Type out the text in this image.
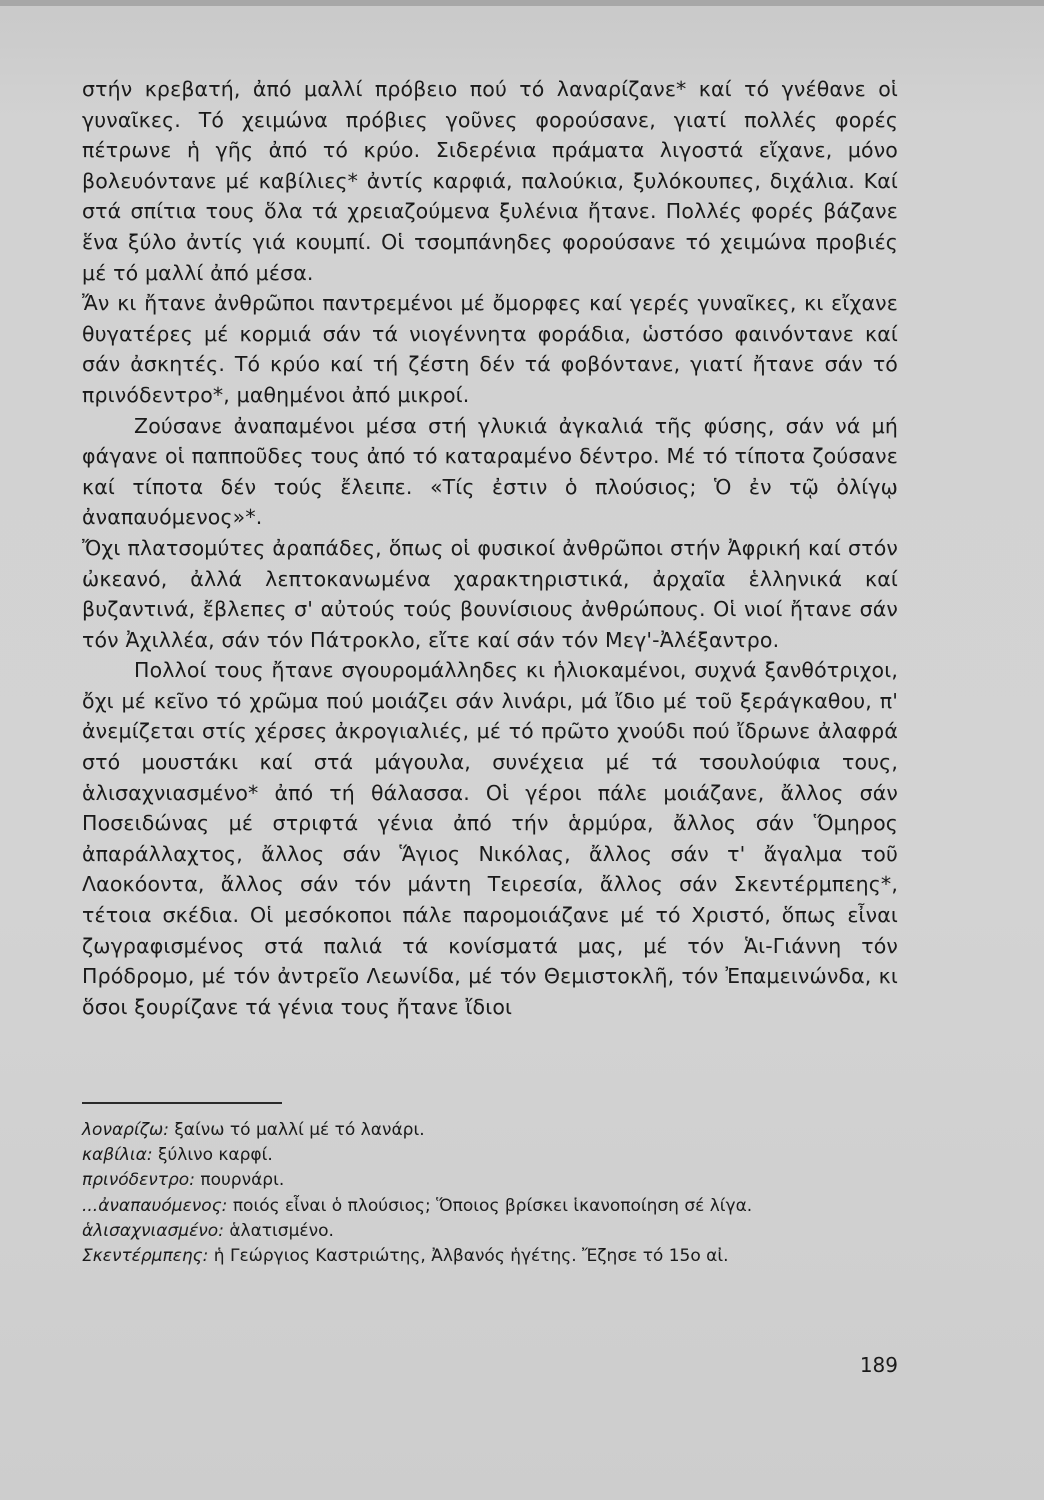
στήν κρεβατή, ἀπό μαλλί πρόβειο πού τό λαναρίζανε* καί τό γνέθανε οἱ γυναῖκες. Τό χειμώνα πρόβιες γοῦνες φορούσανε, γιατί πολλές φορές πέτρωνε ἡ γῆς ἀπό τό κρύο. Σιδερένια πράματα λιγοστά εἴχανε, μόνο βολευόντανε μέ καβίλιες* ἀντίς καρφιά, παλούκια, ξυλόκουπες, διχάλια. Καί στά σπίτια τους ὅλα τά χρειαζούμενα ξυλένια ἤτανε. Πολλές φορές βάζανε ἕνα ξύλο ἀντίς γιά κουμπί. Οἱ τσομπάνηδες φορούσανε τό χειμώνα προβιές μέ τό μαλλί ἀπό μέσα.

Ἄν κι ἤτανε ἀνθρῶποι παντρεμένοι μέ ὄμορφες καί γερές γυναῖκες, κι εἴχανε θυγατέρες μέ κορμιά σάν τά νιογέννητα φοράδια, ὡστόσο φαινόντανε καί σάν ἀσκητές. Τό κρύο καί τή ζέστη δέν τά φοβόντανε, γιατί ἤτανε σάν τό πρινόδεντρο*, μαθημένοι ἀπό μικροί.

Ζούσανε ἀναπαμένοι μέσα στή γλυκιά ἀγκαλιά τῆς φύσης, σάν νά μή φάγανε οἱ παπποῦδες τους ἀπό τό καταραμένο δέντρο. Μέ τό τίποτα ζούσανε καί τίποτα δέν τούς ἔλειπε. «Τίς ἐστιν ὁ πλούσιος; Ὁ ἐν τῷ ὀλίγῳ ἀναπαυόμενος»*.

Ὄχι πλατσομύτες ἀραπάδες, ὅπως οἱ φυσικοί ἀνθρῶποι στήν Ἀφρική καί στόν ὠκεανό, ἀλλά λεπτοκανωμένα χαρακτηριστικά, ἀρχαῖα ἑλληνικά καί βυζαντινά, ἔβλεπες σ' αὐτούς τούς βουνίσιους ἀνθρώπους. Οἱ νιοί ἤτανε σάν τόν Ἀχιλλέα, σάν τόν Πάτροκλο, εἴτε καί σάν τόν Μεγ'-Ἀλέξαντρο.

Πολλοί τους ἤτανε σγουρομάλληδες κι ἡλιοκαμένοι, συχνά ξανθότριχοι, ὄχι μέ κεῖνο τό χρῶμα πού μοιάζει σάν λινάρι, μά ἴδιο μέ τοῦ ξεράγκαθου, π' ἀνεμίζεται στίς χέρσες ἀκρογιαλιές, μέ τό πρῶτο χνούδι πού ἴδρωνε ἀλαφρά στό μουστάκι καί στά μάγουλα, συνέχεια μέ τά τσουλούφια τους, ἁλισαχνιασμένο* ἀπό τή θάλασσα. Οἱ γέροι πάλε μοιάζανε, ἄλλος σάν Ποσειδώνας μέ στριφτά γένια ἀπό τήν ἁρμύρα, ἄλλος σάν Ὅμηρος ἀπαράλλαχτος, ἄλλος σάν Ἅγιος Νικόλας, ἄλλος σάν τ' ἄγαλμα τοῦ Λαοκόοντα, ἄλλος σάν τόν μάντη Τειρεσία, ἄλλος σάν Σκεντέρμπεης*, τέτοια σκέδια. Οἱ μεσόκοποι πάλε παρομοιάζανε μέ τό Χριστό, ὅπως εἶναι ζωγραφισμένος στά παλιά τά κονίσματά μας, μέ τόν Ἁι-Γιάννη τόν Πρόδρομο, μέ τόν ἀντρεῖο Λεωνίδα, μέ τόν Θεμιστοκλῆ, τόν Ἐπαμεινώνδα, κι ὅσοι ξουρίζανε τά γένια τους ἤτανε ἴδιοι

λοναρίζω: ξαίνω τό μαλλί μέ τό λανάρι.

καβίλια: ξύλινο καρφί.

πρινόδεντρο: πουρνάρι.

...ἀναπαυόμενος: ποιός εἶναι ὁ πλούσιος; Ὅποιος βρίσκει ἱκανοποίηση σέ λίγα.

ἁλισαχνιασμένο: ἁλατισμένο.

Σκεντέρμπεης: ἡ Γεώργιος Καστριώτης, Ἀλβανός ἡγέτης. Ἔζησε τό 15ο αἰ.

189
